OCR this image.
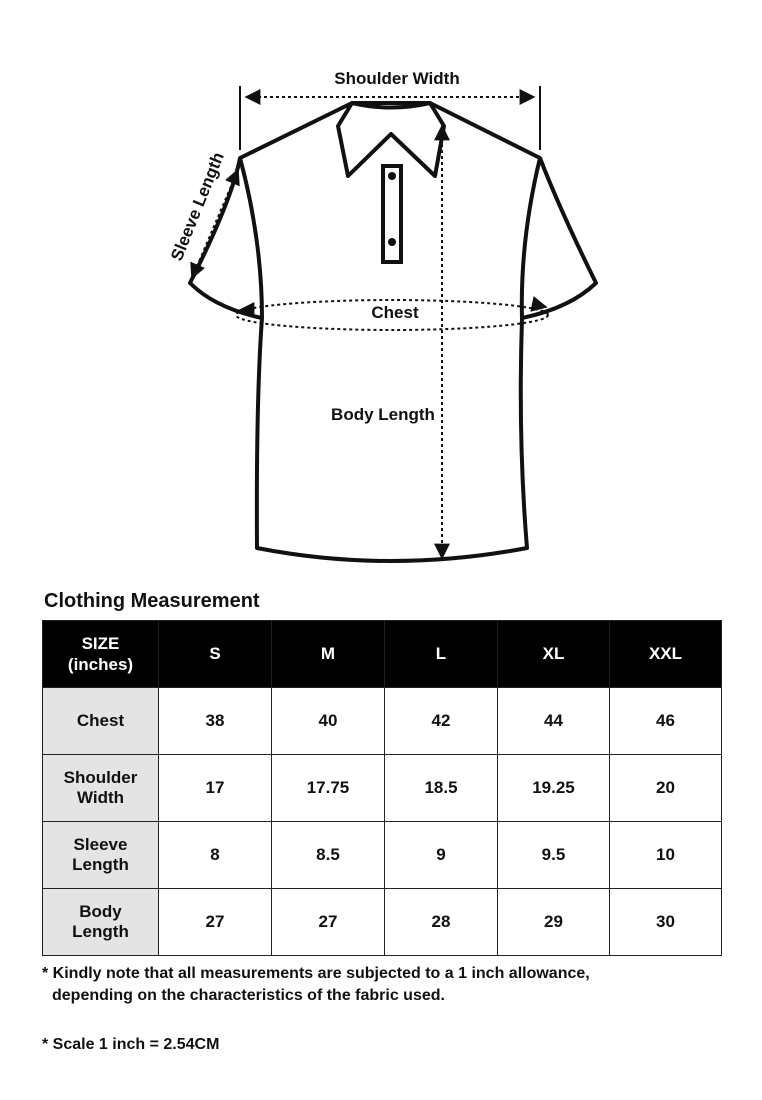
Shoulder Width
Sleeve Length
Chest
Body Length
Clothing Measurement
SIZE
(inches)	S	M	L	XL	XXL
Chest	38	40	42	44	46
Shoulder
Width	17	17.75	18.5	19.25	20
Sleeve
Length	8	8.5	9	9.5	10
Body
Length	27	27	28	29	30

* Kindly note that all measurements are subjected to a 1 inch allowance,
depending on the characteristics of the fabric used.

* Scale 1 inch = 2.54CM
